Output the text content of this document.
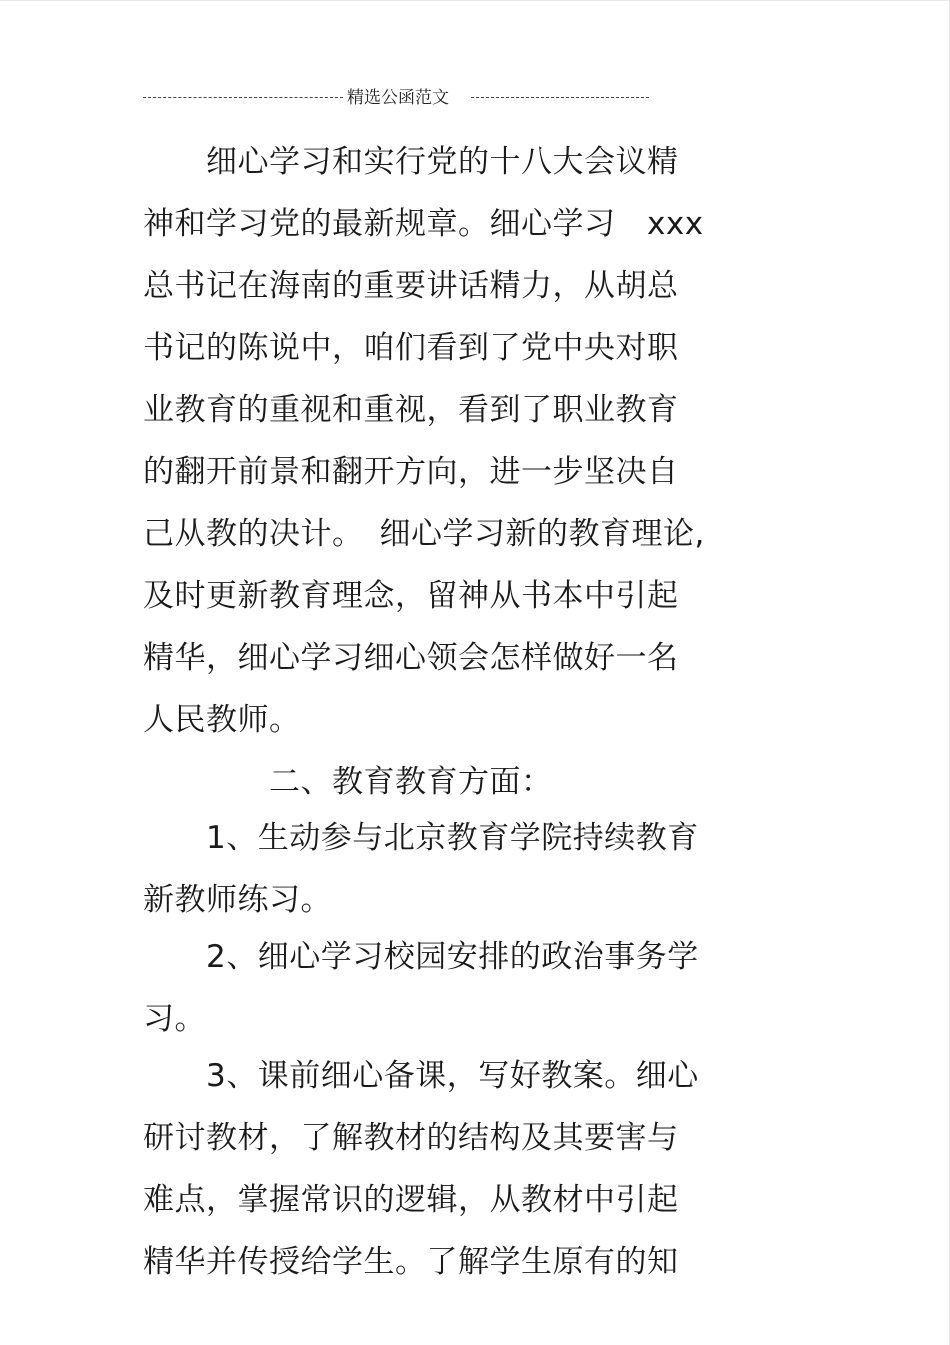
精选公函范文
　　细心学习和实行党的十八大会议精
神和学习党的最新规章。细心学习　xxx
总书记在海南的重要讲话精力，从胡总
书记的陈说中，咱们看到了党中央对职
业教育的重视和重视，看到了职业教育
的翻开前景和翻开方向，进一步坚决自
己从教的决计。　细心学习新的教育理论,
及时更新教育理念，留神从书本中引起
精华，细心学习细心领会怎样做好一名
人民教师。
　　　　二、教育教育方面：
　　1、生动参与北京教育学院持续教育
新教师练习。
　　2、细心学习校园安排的政治事务学
习。
　　3、课前细心备课，写好教案。细心
研讨教材，了解教材的结构及其要害与
难点，掌握常识的逻辑，从教材中引起
精华并传授给学生。了解学生原有的知
